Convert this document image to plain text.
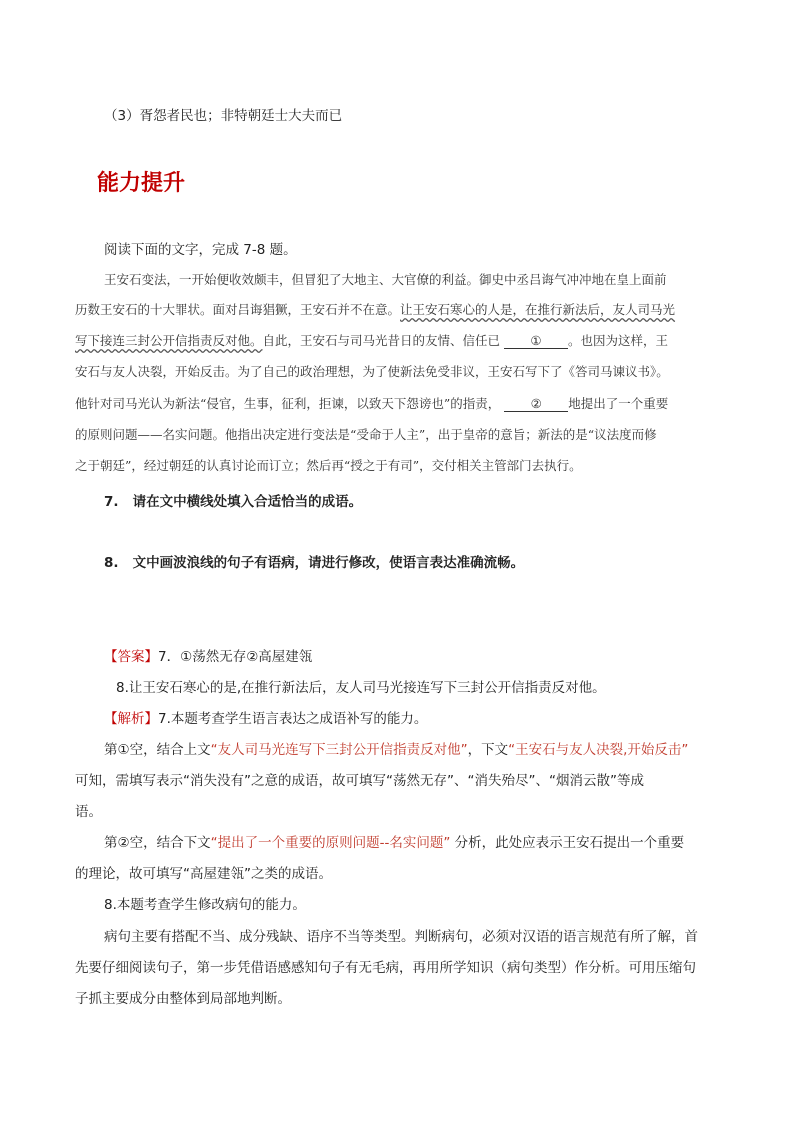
（3）胥怨者民也；非特朝廷士大夫而已
能力提升
阅读下面的文字，完成 7-8 题。
王安石变法，一开始便收效颇丰，但冒犯了大地主、大官僚的利益。御史中丞吕诲气冲冲地在皇上面前
历数王安石的十大罪状。面对吕诲猖獗，王安石并不在意。让王安石寒心的人是，在推行新法后，友人司马光
写下接连三封公开信指责反对他。自此，王安石与司马光昔日的友情、信任已 ① 。也因为这样，王
安石与友人决裂，开始反击。为了自己的政治理想，为了使新法免受非议，王安石写下了《答司马谏议书》。
他针对司马光认为新法“侵官，生事，征利，拒谏，以致天下怨谤也”的指责， ② 地提出了一个重要
的原则问题——名实问题。他指出决定进行变法是“受命于人主”，出于皇帝的意旨；新法的是“议法度而修
之于朝廷”，经过朝廷的认真讨论而订立；然后再“授之于有司”，交付相关主管部门去执行。
7. 请在文中横线处填入合适恰当的成语。
8. 文中画波浪线的句子有语病，请进行修改，使语言表达准确流畅。
【答案】7．①荡然无存②高屋建瓴
8.让王安石寒心的是,在推行新法后，友人司马光接连写下三封公开信指责反对他。
【解析】7.本题考查学生语言表达之成语补写的能力。
第①空，结合上文“友人司马光连写下三封公开信指责反对他”，下文“王安石与友人决裂,开始反击”
可知，需填写表示“消失没有”之意的成语，故可填写“荡然无存”、“消失殆尽”、“烟消云散”等成
语。
第②空，结合下文“提出了一个重要的原则问题--名实问题” 分析，此处应表示王安石提出一个重要
的理论，故可填写“高屋建瓴”之类的成语。
8.本题考查学生修改病句的能力。
病句主要有搭配不当、成分残缺、语序不当等类型。判断病句，必须对汉语的语言规范有所了解，首
先要仔细阅读句子，第一步凭借语感感知句子有无毛病，再用所学知识（病句类型）作分析。可用压缩句
子抓主要成分由整体到局部地判断。
